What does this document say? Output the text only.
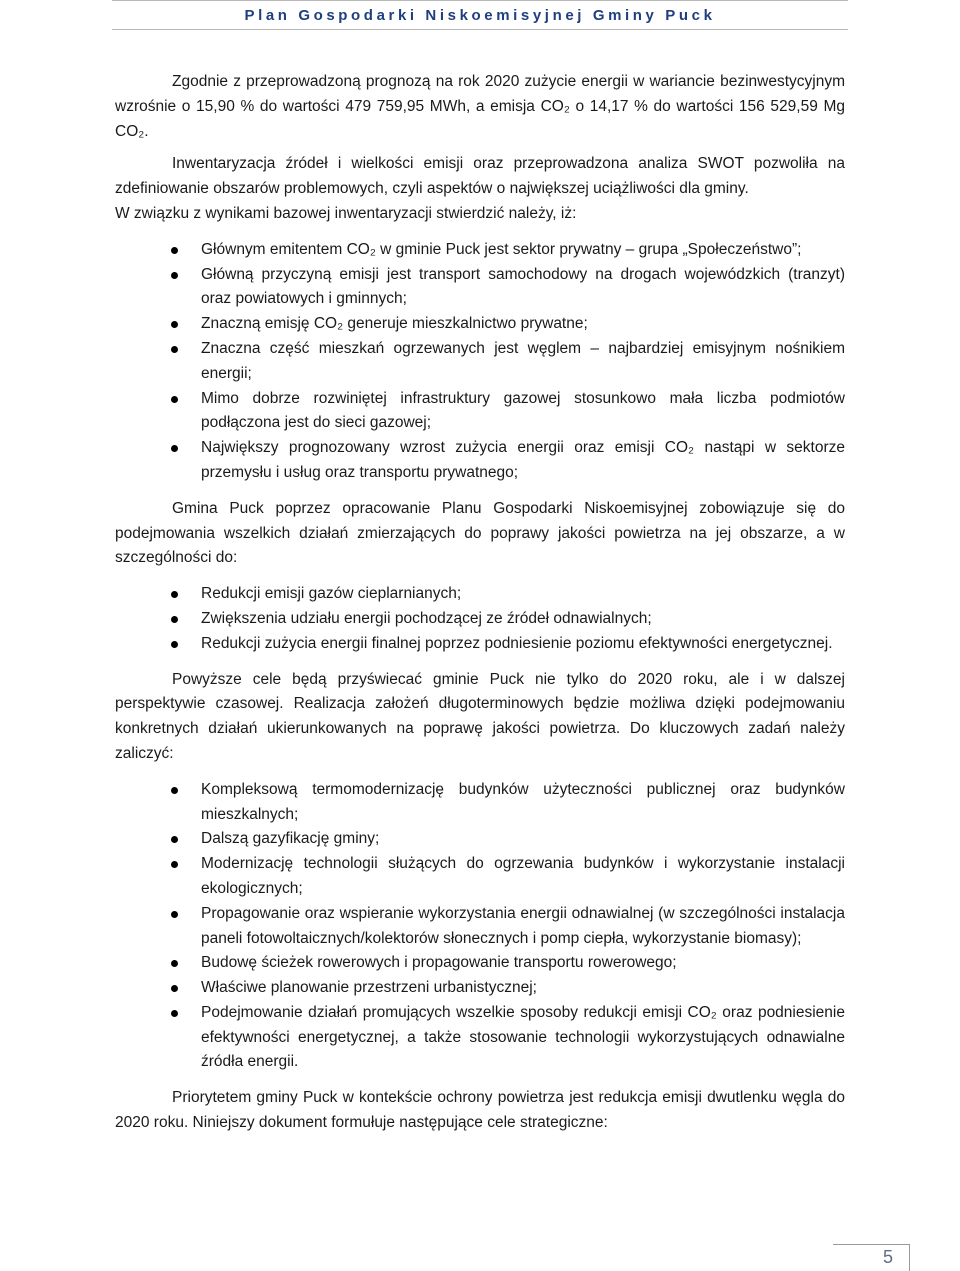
Plan Gospodarki Niskoemisyjnej Gminy Puck

Zgodnie z przeprowadzoną prognozą na rok 2020 zużycie energii w wariancie bezinwestycyjnym wzrośnie o 15,90 % do wartości 479 759,95 MWh, a emisja CO₂ o 14,17 % do wartości 156 529,59 Mg CO₂.

Inwentaryzacja źródeł i wielkości emisji oraz przeprowadzona analiza SWOT pozwoliła na zdefiniowanie obszarów problemowych, czyli aspektów o największej uciążliwości dla gminy.

W związku z wynikami bazowej inwentaryzacji stwierdzić należy, iż:

Głównym emitentem CO₂ w gminie Puck jest sektor prywatny – grupa „Społeczeństwo”;
Główną przyczyną emisji jest transport samochodowy na drogach wojewódzkich (tranzyt) oraz powiatowych i gminnych;
Znaczną emisję CO₂ generuje mieszkalnictwo prywatne;
Znaczna część mieszkań ogrzewanych jest węglem – najbardziej emisyjnym nośnikiem energii;
Mimo dobrze rozwiniętej infrastruktury gazowej stosunkowo mała liczba podmiotów podłączona jest do sieci gazowej;
Największy prognozowany wzrost zużycia energii oraz emisji CO₂ nastąpi w sektorze przemysłu i usług oraz transportu prywatnego;

Gmina Puck poprzez opracowanie Planu Gospodarki Niskoemisyjnej zobowiązuje się do podejmowania wszelkich działań zmierzających do poprawy jakości powietrza na jej obszarze, a w szczególności do:

Redukcji emisji gazów cieplarnianych;
Zwiększenia udziału energii pochodzącej ze źródeł odnawialnych;
Redukcji zużycia energii finalnej poprzez podniesienie poziomu efektywności energetycznej.

Powyższe cele będą przyświecać gminie Puck nie tylko do 2020 roku, ale i w dalszej perspektywie czasowej. Realizacja założeń długoterminowych będzie możliwa dzięki podejmowaniu konkretnych działań ukierunkowanych na poprawę jakości powietrza. Do kluczowych zadań należy zaliczyć:

Kompleksową termomodernizację budynków użyteczności publicznej oraz budynków mieszkalnych;
Dalszą gazyfikację gminy;
Modernizację technologii służących do ogrzewania budynków i wykorzystanie instalacji ekologicznych;
Propagowanie oraz wspieranie wykorzystania energii odnawialnej (w szczególności instalacja paneli fotowoltaicznych/kolektorów słonecznych i pomp ciepła, wykorzystanie biomasy);
Budowę ścieżek rowerowych i propagowanie transportu rowerowego;
Właściwe planowanie przestrzeni urbanistycznej;
Podejmowanie działań promujących wszelkie sposoby redukcji emisji CO₂ oraz podniesienie efektywności energetycznej, a także stosowanie technologii wykorzystujących odnawialne źródła energii.

Priorytetem gminy Puck w kontekście ochrony powietrza jest redukcja emisji dwutlenku węgla do 2020 roku. Niniejszy dokument formułuje następujące cele strategiczne:

5
